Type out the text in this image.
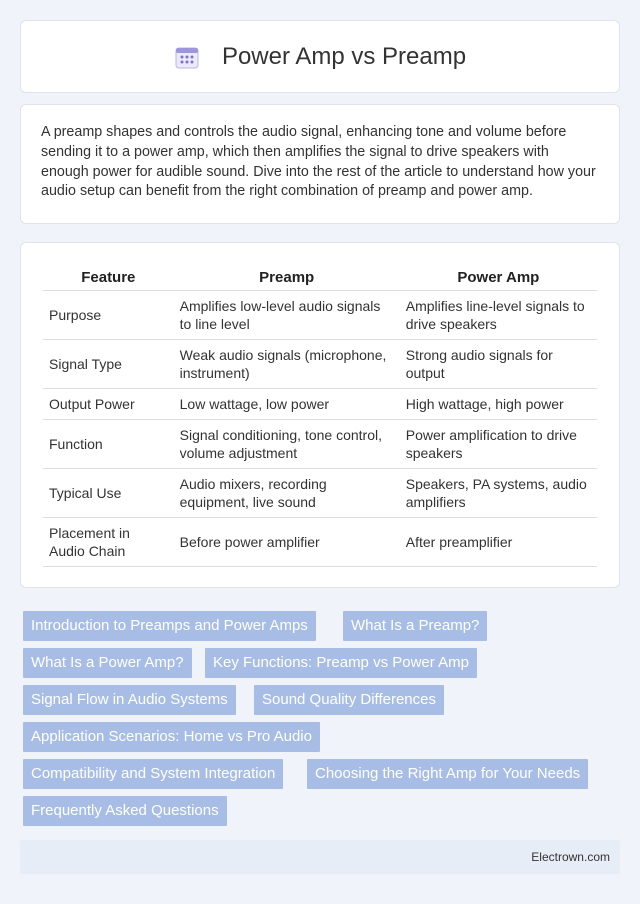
Power Amp vs Preamp

A preamp shapes and controls the audio signal, enhancing tone and volume before sending it to a power amp, which then amplifies the signal to drive speakers with enough power for audible sound. Dive into the rest of the article to understand how your audio setup can benefit from the right combination of preamp and power amp.

Feature	Preamp	Power Amp
Purpose	Amplifies low-level audio signals to line level	Amplifies line-level signals to drive speakers
Signal Type	Weak audio signals (microphone, instrument)	Strong audio signals for output
Output Power	Low wattage, low power	High wattage, high power
Function	Signal conditioning, tone control, volume adjustment	Power amplification to drive speakers
Typical Use	Audio mixers, recording equipment, live sound	Speakers, PA systems, audio amplifiers
Placement in Audio Chain	Before power amplifier	After preamplifier
Introduction to Preamps and Power Amps	What Is a Preamp?
What Is a Power Amp?	Key Functions: Preamp vs Power Amp
Signal Flow in Audio Systems	Sound Quality Differences
Application Scenarios: Home vs Pro Audio
Compatibility and System Integration	Choosing the Right Amp for Your Needs
Frequently Asked Questions
Electrown.com
